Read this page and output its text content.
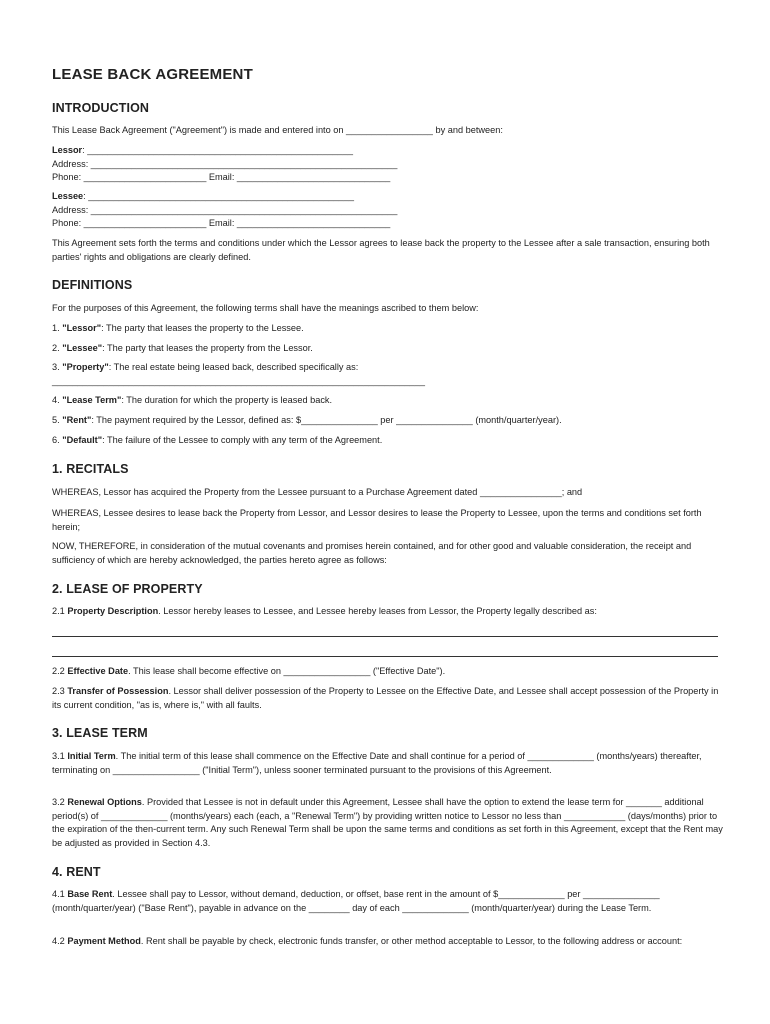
LEASE BACK AGREEMENT
INTRODUCTION

This Lease Back Agreement ("Agreement") is made and entered into on _________________ by and between:

Lessor: ____________________________________________________

Address: ____________________________________________________________

Phone: ________________________ Email: ______________________________

Lessee: ____________________________________________________

Address: ____________________________________________________________

Phone: ________________________ Email: ______________________________

This Agreement sets forth the terms and conditions under which the Lessor agrees to lease back the property to the Lessee after a sale transaction, ensuring both parties' rights and obligations are clearly defined.

DEFINITIONS

For the purposes of this Agreement, the following terms shall have the meanings ascribed to them below:

1. "Lessor": The party that leases the property to the Lessee.

2. "Lessee": The party that leases the property from the Lessor.

3. "Property": The real estate being leased back, described specifically as:

_________________________________________________________________________

4. "Lease Term": The duration for which the property is leased back.

5. "Rent": The payment required by the Lessor, defined as: $_______________ per _______________ (month/quarter/year).

6. "Default": The failure of the Lessee to comply with any term of the Agreement.

1. RECITALS

WHEREAS, Lessor has acquired the Property from the Lessee pursuant to a Purchase Agreement dated ________________; and

WHEREAS, Lessee desires to lease back the Property from Lessor, and Lessor desires to lease the Property to Lessee, upon the terms and conditions set forth herein;

NOW, THEREFORE, in consideration of the mutual covenants and promises herein contained, and for other good and valuable consideration, the receipt and sufficiency of which are hereby acknowledged, the parties hereto agree as follows:

2. LEASE OF PROPERTY

2.1 Property Description. Lessor hereby leases to Lessee, and Lessee hereby leases from Lessor, the Property legally described as:

2.2 Effective Date. This lease shall become effective on _________________ ("Effective Date").

2.3 Transfer of Possession. Lessor shall deliver possession of the Property to Lessee on the Effective Date, and Lessee shall accept possession of the Property in its current condition, "as is, where is," with all faults.

3. LEASE TERM

3.1 Initial Term. The initial term of this lease shall commence on the Effective Date and shall continue for a period of _____________ (months/years) thereafter, terminating on _________________ ("Initial Term"), unless sooner terminated pursuant to the provisions of this Agreement.

3.2 Renewal Options. Provided that Lessee is not in default under this Agreement, Lessee shall have the option to extend the lease term for _______ additional period(s) of _____________ (months/years) each (each, a "Renewal Term") by providing written notice to Lessor no less than ____________ (days/months) prior to the expiration of the then-current term. Any such Renewal Term shall be upon the same terms and conditions as set forth in this Agreement, except that the Rent may be adjusted as provided in Section 4.3.

4. RENT

4.1 Base Rent. Lessee shall pay to Lessor, without demand, deduction, or offset, base rent in the amount of $_____________ per _______________ (month/quarter/year) ("Base Rent"), payable in advance on the ________ day of each _____________ (month/quarter/year) during the Lease Term.

4.2 Payment Method. Rent shall be payable by check, electronic funds transfer, or other method acceptable to Lessor, to the following address or account:
